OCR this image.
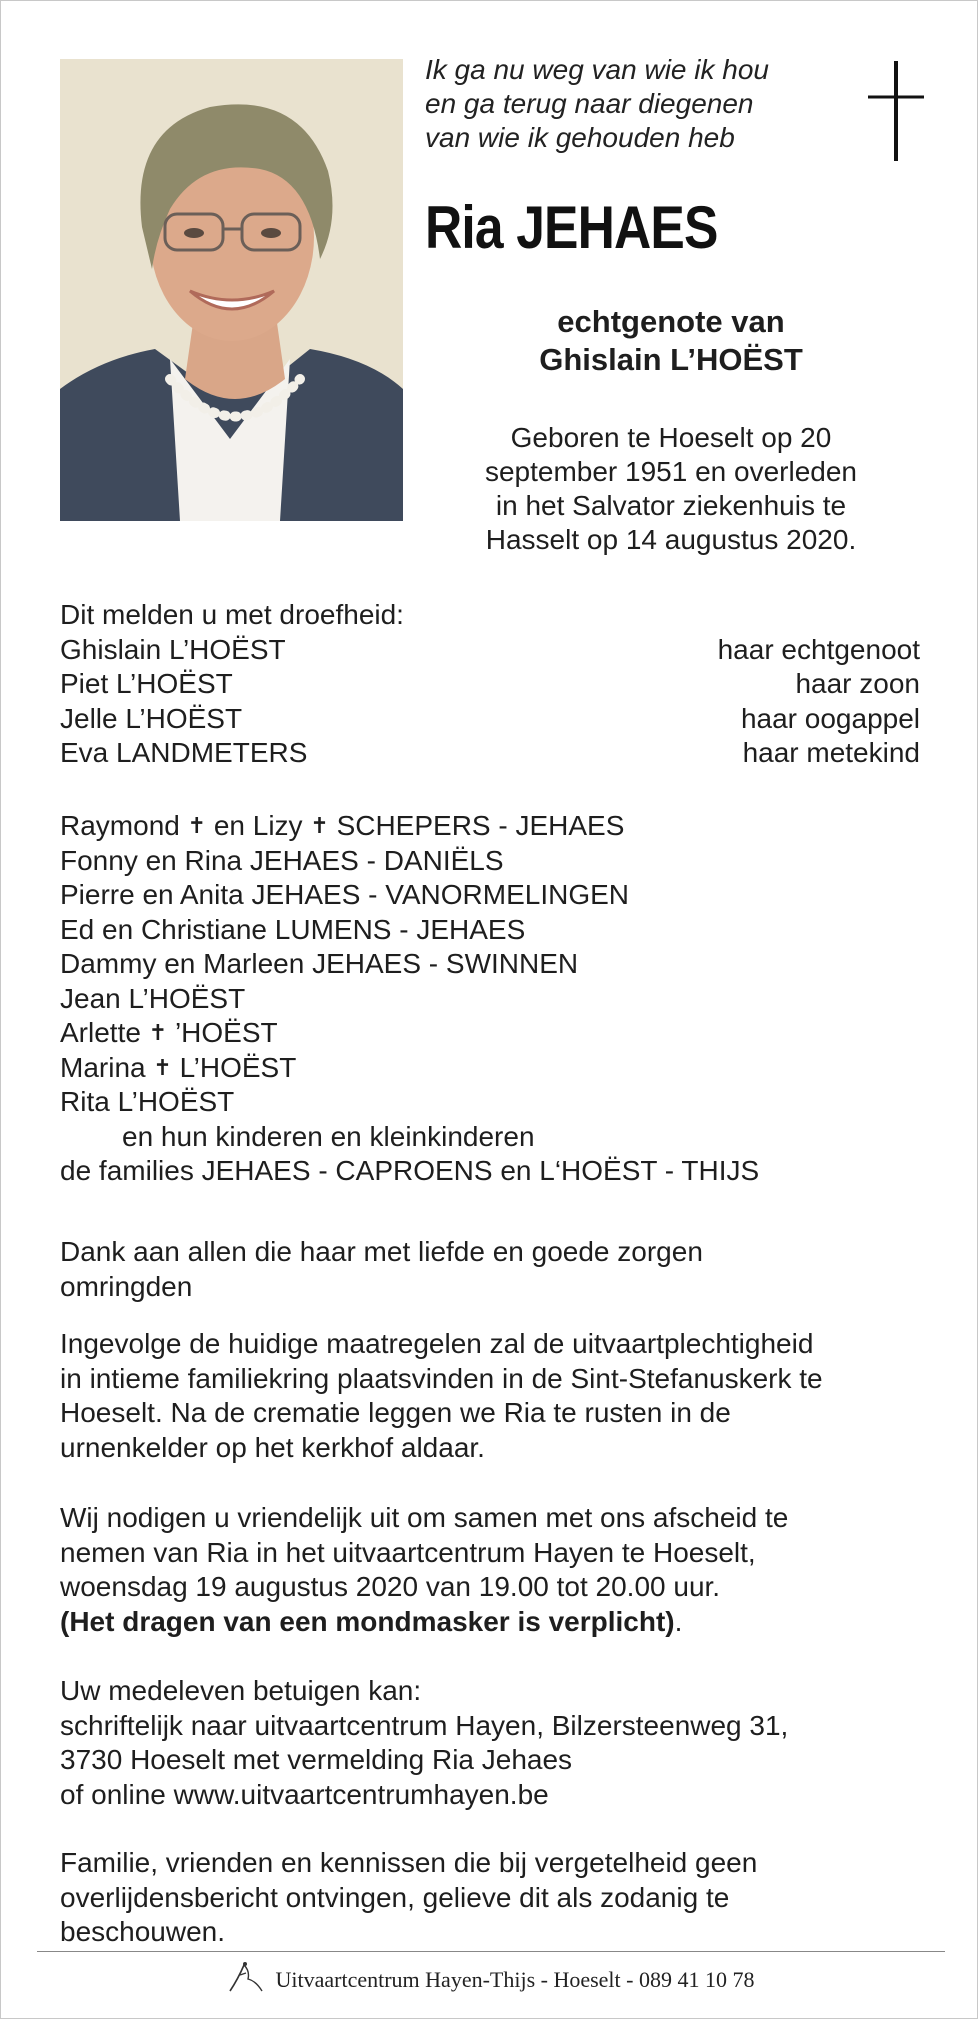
Ik ga nu weg van wie ik hou
en ga terug naar diegenen
van wie ik gehouden heb
Ria JEHAES
echtgenote van
Ghislain L’HOËST
Geboren te Hoeselt op 20
september 1951 en overleden
in het Salvator ziekenhuis te
Hasselt op 14 augustus 2020.
Dit melden u met droefheid:
Ghislain L’HOËST	haar echtgenoot
Piet L’HOËST	haar zoon
Jelle L’HOËST	haar oogappel
Eva LANDMETERS	haar metekind
Raymond ✝ en Lizy ✝ SCHEPERS - JEHAES
Fonny en Rina JEHAES - DANIËLS
Pierre en Anita JEHAES - VANORMELINGEN
Ed en Christiane LUMENS - JEHAES
Dammy en Marleen JEHAES - SWINNEN
Jean L’HOËST
Arlette ✝ ’HOËST
Marina ✝ L’HOËST
Rita L’HOËST
en hun kinderen en kleinkinderen
de families JEHAES - CAPROENS en L‘HOËST - THIJS
Dank aan allen die haar met liefde en goede zorgen
omringden
Ingevolge de huidige maatregelen zal de uitvaartplechtigheid
in intieme familiekring plaatsvinden in de Sint-Stefanuskerk te
Hoeselt. Na de crematie leggen we Ria te rusten in de
urnenkelder op het kerkhof aldaar.
Wij nodigen u vriendelijk uit om samen met ons afscheid te
nemen van Ria in het uitvaartcentrum Hayen te Hoeselt,
woensdag 19 augustus 2020 van 19.00 tot 20.00 uur.
(Het dragen van een mondmasker is verplicht).
Uw medeleven betuigen kan:
schriftelijk naar uitvaartcentrum Hayen, Bilzersteenweg 31,
3730 Hoeselt met vermelding Ria Jehaes
of online www.uitvaartcentrumhayen.be
Familie, vrienden en kennissen die bij vergetelheid geen
overlijdensbericht ontvingen, gelieve dit als zodanig te
beschouwen.
Uitvaartcentrum Hayen-Thijs - Hoeselt - 089 41 10 78
